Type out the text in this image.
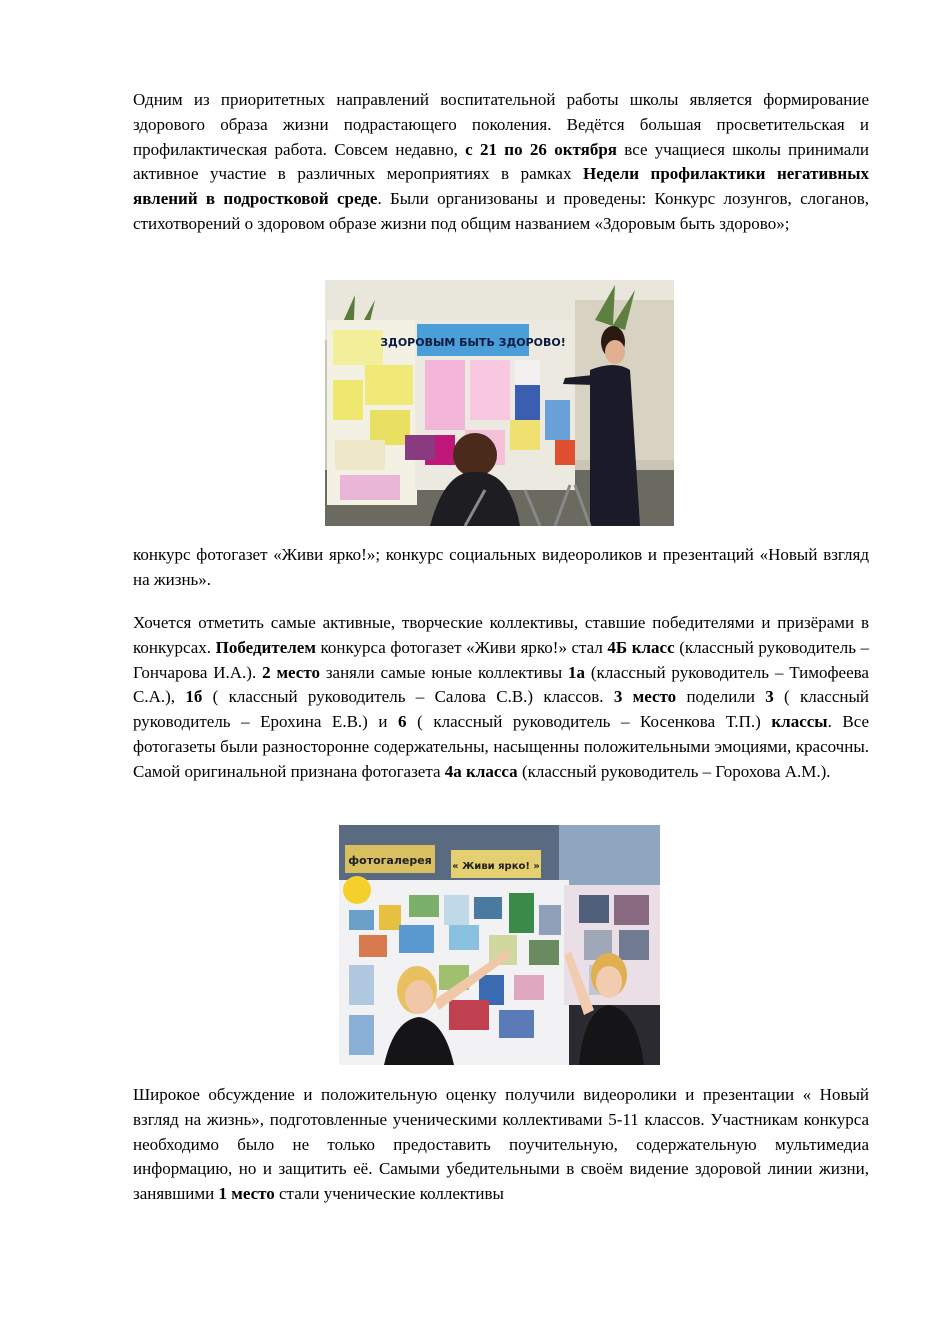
Одним из приоритетных направлений воспитательной работы школы является формирование здорового образа жизни подрастающего поколения. Ведётся большая просветительская и профилактическая работа. Совсем недавно, с 21 по 26 октября все учащиеся школы принимали активное участие в различных мероприятиях в рамках Недели профилактики негативных явлений в подростковой среде. Были организованы и проведены: Конкурс лозунгов, слоганов, стихотворений о здоровом образе жизни под общим названием «Здоровым быть здорово»;

ЗДОРОВЫМ БЫТЬ ЗДОРОВО!

конкурс фотогазет «Живи ярко!»; конкурс социальных видеороликов и презентаций «Новый взгляд на жизнь».

Хочется отметить самые активные, творческие коллективы, ставшие победителями и призёрами в конкурсах. Победителем конкурса фотогазет «Живи ярко!» стал 4Б класс (классный руководитель – Гончарова И.А.). 2 место заняли самые юные коллективы 1а (классный руководитель – Тимофеева С.А.), 1б ( классный руководитель – Салова С.В.) классов. 3 место поделили 3 ( классный руководитель – Ерохина Е.В.) и 6 ( классный руководитель – Косенкова Т.П.) классы. Все фотогазеты были разносторонне содержательны, насыщенны положительными эмоциями, красочны. Самой оригинальной признана фотогазета 4а класса (классный руководитель – Горохова А.М.).

фотогалерея « Живи ярко! »

Широкое обсуждение и положительную оценку получили видеоролики и презентации « Новый взгляд на жизнь», подготовленные ученическими коллективами 5-11 классов. Участникам конкурса необходимо было не только предоставить поучительную, содержательную мультимедиа информацию, но и защитить её. Самыми убедительными в своём видение здоровой линии жизни, занявшими 1 место стали ученические коллективы
